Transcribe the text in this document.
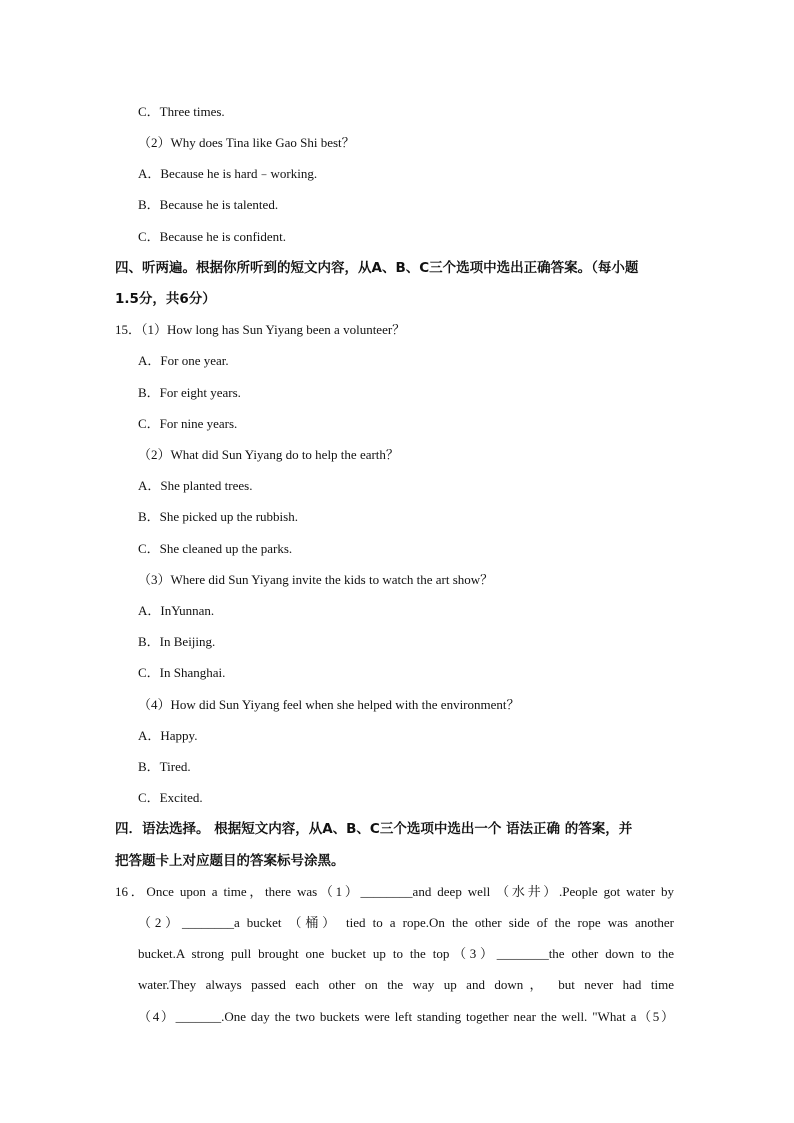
C．Three times.
（2）Why does Tina like Gao Shi best？
A．Because he is hard﹣working.
B．Because he is talented.
C．Because he is confident.
四、听两遍。根据你所听到的短文内容，从A、B、C三个选项中选出正确答案。（每小题
1.5分，共6分）
15．（1）How long has Sun Yiyang been a volunteer？
A．For one year.
B．For eight years.
C．For nine years.
（2）What did Sun Yiyang do to help the earth？
A．She planted trees.
B．She picked up the rubbish.
C．She cleaned up the parks.
（3）Where did Sun Yiyang invite the kids to watch the art show？
A．InYunnan.
B．In Beijing.
C．In Shanghai.
（4）How did Sun Yiyang feel when she helped with the environment？
A．Happy.
B．Tired.
C．Excited.
四．语法选择。 根据短文内容，从A、B、C三个选项中选出一个 语法正确 的答案，并
把答题卡上对应题目的答案标号涂黑。
16．Once upon a time，there was（1）________and deep well （水井）.People got water by
（2）________a bucket （桶） tied to a rope.On the other side of the rope was another
bucket.A strong pull brought one bucket up to the top（3）________the other down to the
water.They always passed each other on the way up and down， but never had time
（4）_______.One day the two buckets were left standing together near the well. "What a（5）
